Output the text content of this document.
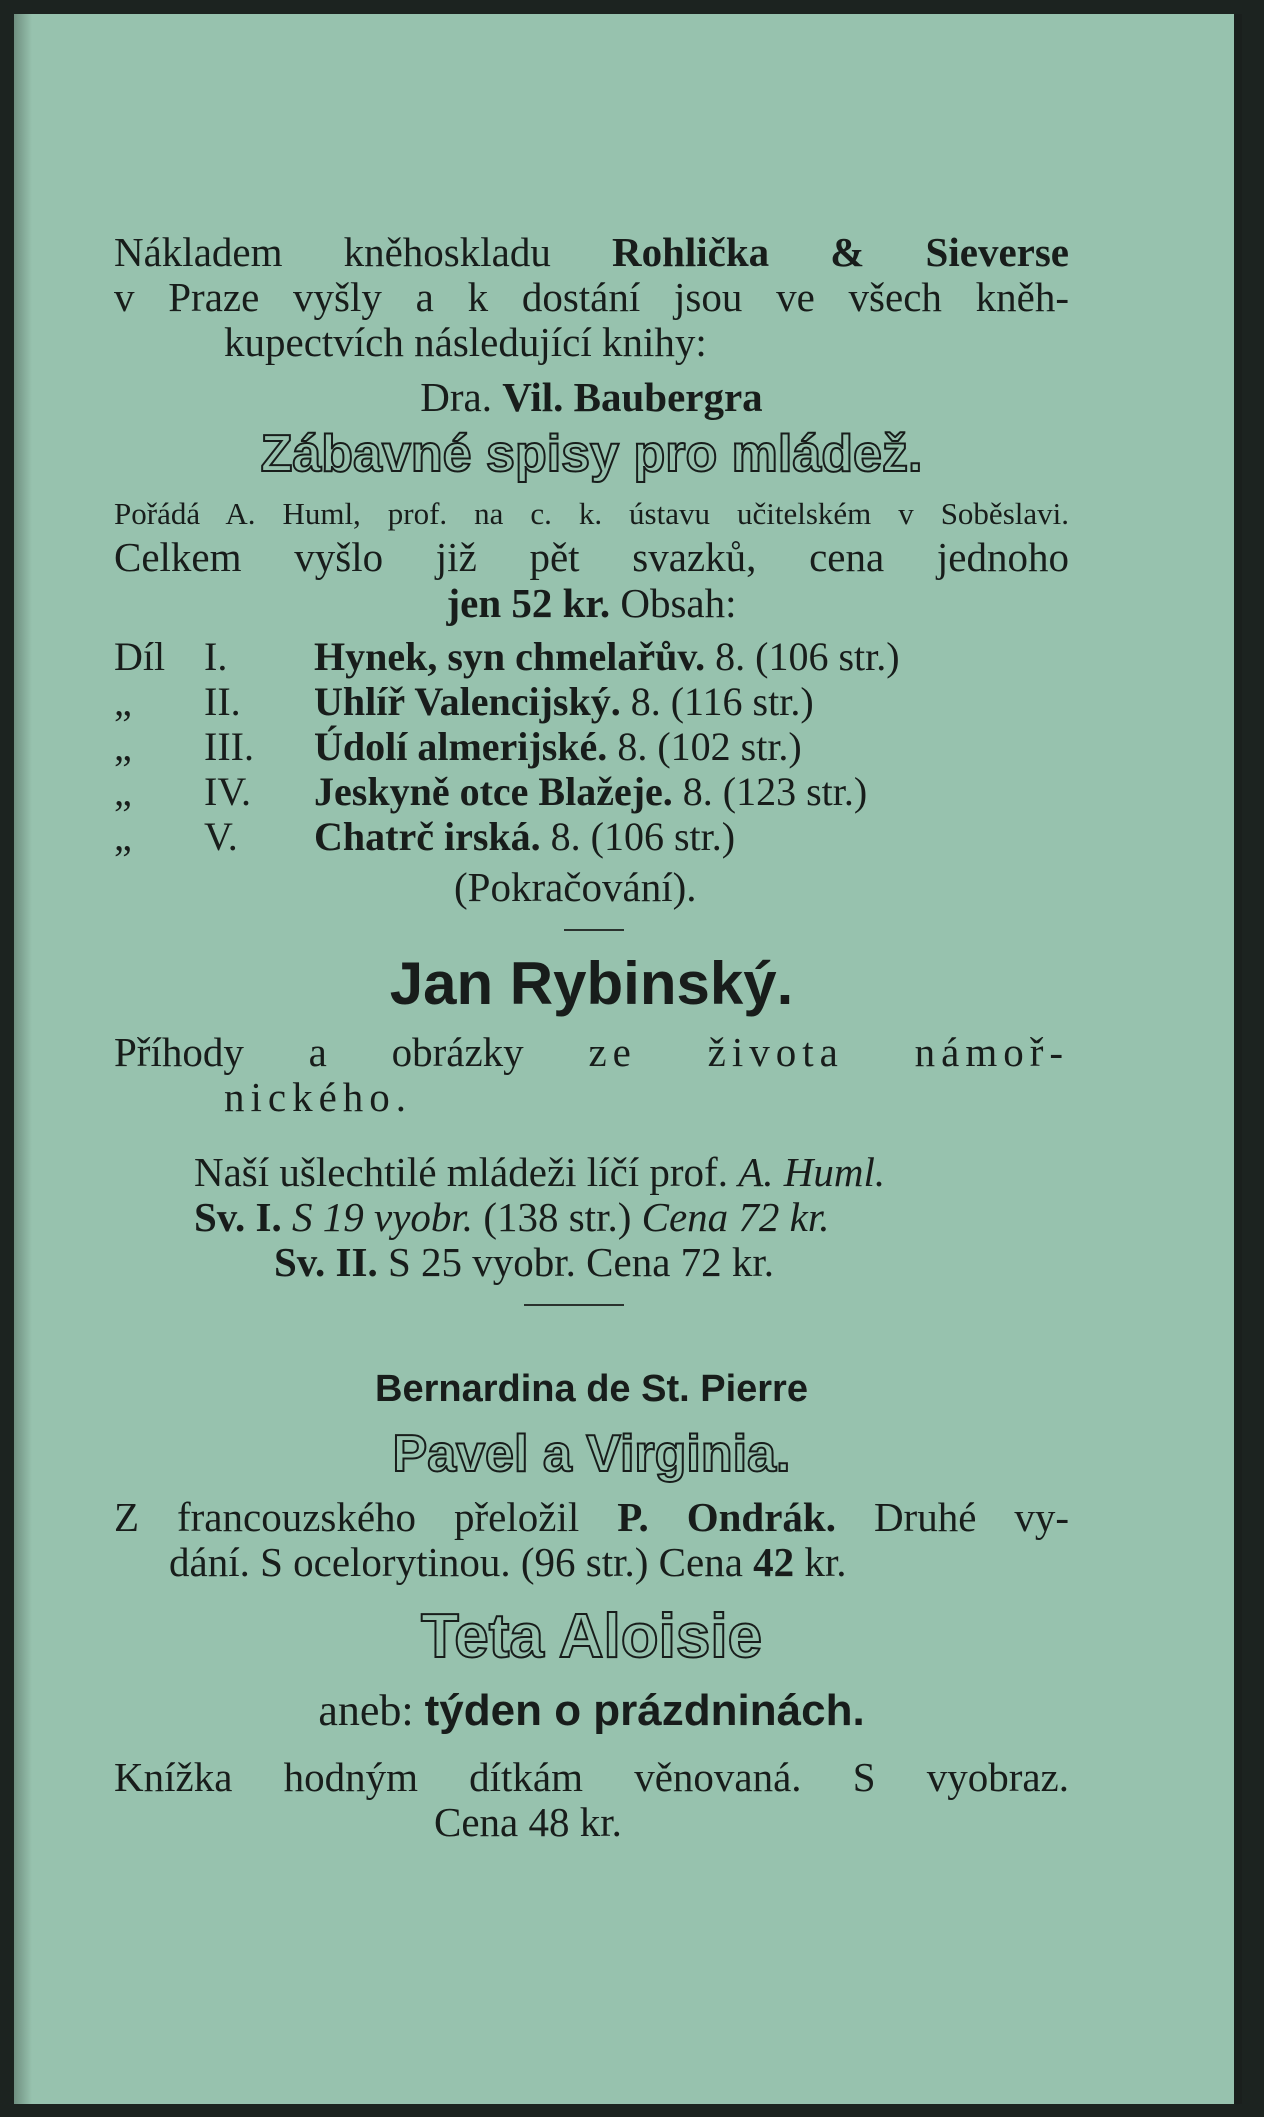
Nákladem kněhoskladu Rohlička & Sieverse
v Praze vyšly a k dostání jsou ve všech kněh-
kupectvích následující knihy:
Dra. Vil. Baubergra
Zábavné spisy pro mládež.
Pořádá A. Huml, prof. na c. k. ústavu učitelském v Soběslavi.
Celkem vyšlo již pět svazků, cena jednoho
jen 52 kr. Obsah:
Díl I. Hynek, syn chmelařův. 8. (106 str.)
„ II. Uhlíř Valencijský. 8. (116 str.)
„ III. Údolí almerijské. 8. (102 str.)
„ IV. Jeskyně otce Blažeje. 8. (123 str.)
„ V. Chatrč irská. 8. (106 str.)
(Pokračování).
Jan Rybinský.
Příhody a obrázky ze života námoř-
nického.
Naší ušlechtilé mládeži líčí prof. A. Huml.
Sv. I. S 19 vyobr. (138 str.) Cena 72 kr.
Sv. II. S 25 vyobr. Cena 72 kr.
Bernardina de St. Pierre
Pavel a Virginia.
Z francouzského přeložil P. Ondrák. Druhé vy-
dání. S ocelorytinou. (96 str.) Cena 42 kr.
Teta Aloisie
aneb: týden o prázdninách.
Knížka hodným dítkám věnovaná. S vyobraz.
Cena 48 kr.
